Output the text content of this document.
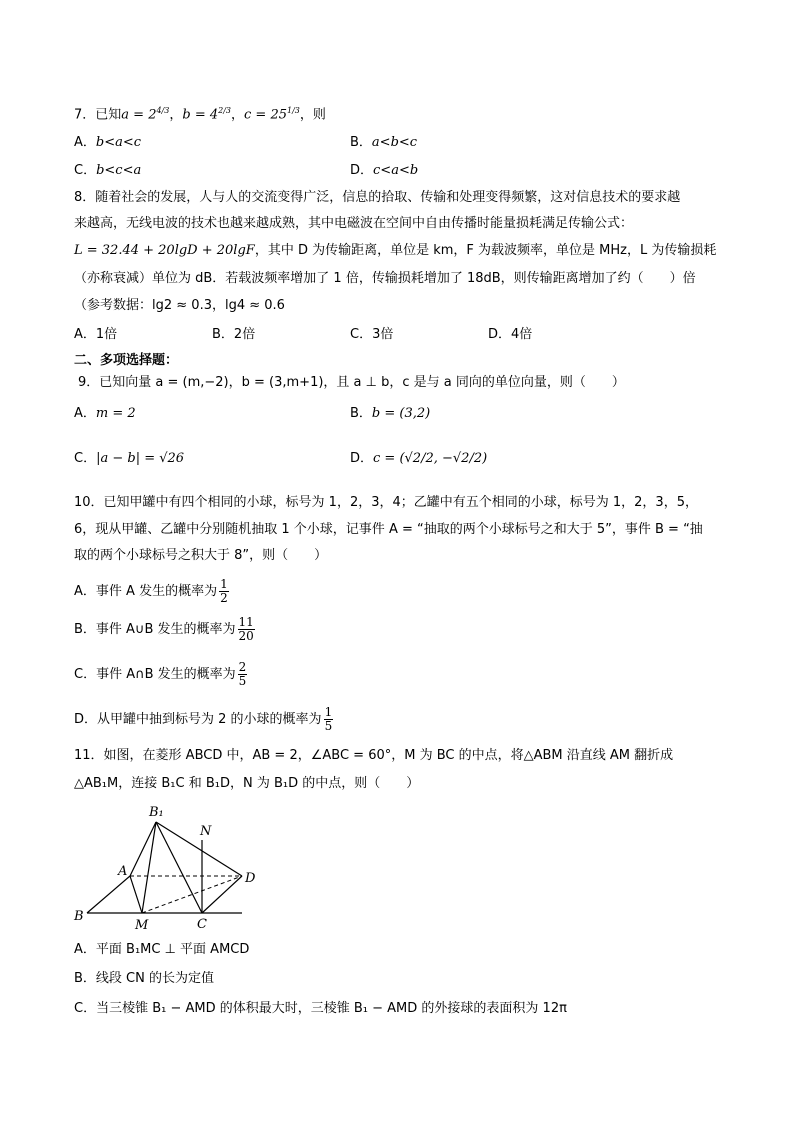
7．已知$a = 2^{4/3}$，$b = 4^{2/3}$，$c = 25^{1/3}$，则
A．b<a<c	B．a<b<c
C．b<c<a	D．c<a<b
8．随着社会的发展，人与人的交流变得广泛，信息的拾取、传输和处理变得频繁，这对信息技术的要求越
来越高，无线电波的技术也越来越成熟，其中电磁波在空间中自由传播时能量损耗满足传输公式：
L = 32.44 + 20lgD + 20lgF，其中 D 为传输距离，单位是 km，F 为载波频率，单位是 MHz，L 为传输损耗
（亦称衰减）单位为 dB．若载波频率增加了 1 倍，传输损耗增加了 18dB，则传输距离增加了约（　　）倍
（参考数据：lg2 ≈ 0.3，lg4 ≈ 0.6
A．1倍	B．2倍	C．3倍	D．4倍
二、多项选择题：
9．已知向量 a = (m,−2)，b = (3,m+1)，且 a ⊥ b，c 是与 a 同向的单位向量，则（　　）
A．m = 2	B．b = (3,2)
C．|a − b| = √26	D．c = (√2/2, −√2/2)
10．已知甲罐中有四个相同的小球，标号为 1，2，3，4；乙罐中有五个相同的小球，标号为 1，2，3，5，
6，现从甲罐、乙罐中分别随机抽取 1 个小球，记事件 A = “抽取的两个小球标号之和大于 5”，事件 B = “抽
取的两个小球标号之积大于 8”，则（　　）
A．事件 A 发生的概率为 $\frac{1}{2}$
B．事件 A∪B 发生的概率为 $\frac{11}{20}$
C．事件 A∩B 发生的概率为 $\frac{2}{5}$
D．从甲罐中抽到标号为 2 的小球的概率为 $\frac{1}{5}$
11．如图，在菱形 ABCD 中，AB = 2，∠ABC = 60°，M 为 BC 的中点，将△ABM 沿直线 AM 翻折成
△AB₁M，连接 B₁C 和 B₁D，N 为 B₁D 的中点，则（　　）
B₁
N
A	D
B
M	C
A．平面 B₁MC ⊥ 平面 AMCD
B．线段 CN 的长为定值
C．当三棱锥 B₁ − AMD 的体积最大时，三棱锥 B₁ − AMD 的外接球的表面积为 12π
